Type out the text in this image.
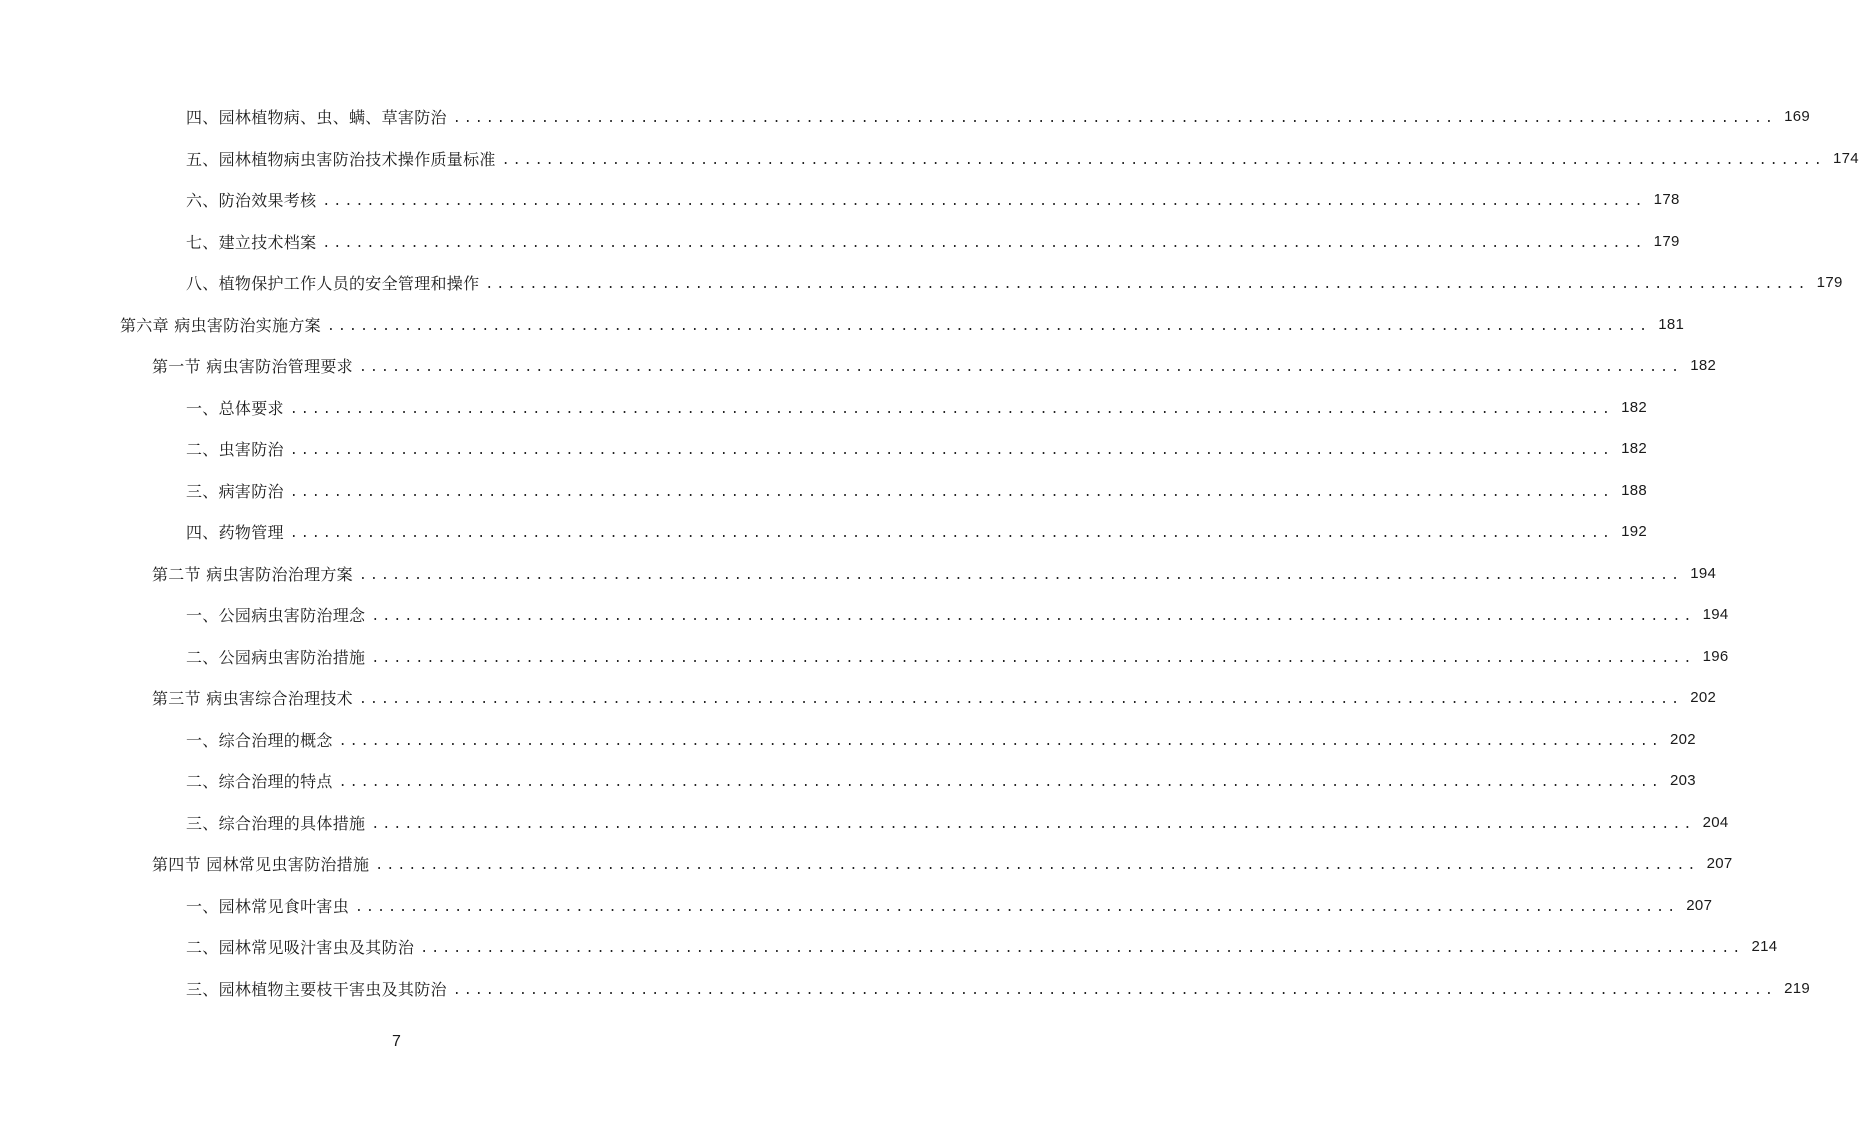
四、园林植物病、虫、螨、草害防治 ........................................................................................................................ 169
五、园林植物病虫害防治技术操作质量标准 ........................................................................................................................ 174
六、防治效果考核 ........................................................................................................................ 178
七、建立技术档案 ........................................................................................................................ 179
八、植物保护工作人员的安全管理和操作 ........................................................................................................................ 179
第六章 病虫害防治实施方案 ........................................................................................................................ 181
第一节 病虫害防治管理要求 ........................................................................................................................ 182
一、总体要求 ........................................................................................................................ 182
二、虫害防治 ........................................................................................................................ 182
三、病害防治 ........................................................................................................................ 188
四、药物管理 ........................................................................................................................ 192
第二节 病虫害防治治理方案 ........................................................................................................................ 194
一、公园病虫害防治理念 ........................................................................................................................ 194
二、公园病虫害防治措施 ........................................................................................................................ 196
第三节 病虫害综合治理技术 ........................................................................................................................ 202
一、综合治理的概念 ........................................................................................................................ 202
二、综合治理的特点 ........................................................................................................................ 203
三、综合治理的具体措施 ........................................................................................................................ 204
第四节 园林常见虫害防治措施 ........................................................................................................................ 207
一、园林常见食叶害虫 ........................................................................................................................ 207
二、园林常见吸汁害虫及其防治 ........................................................................................................................ 214
三、园林植物主要枝干害虫及其防治 ........................................................................................................................ 219
7
